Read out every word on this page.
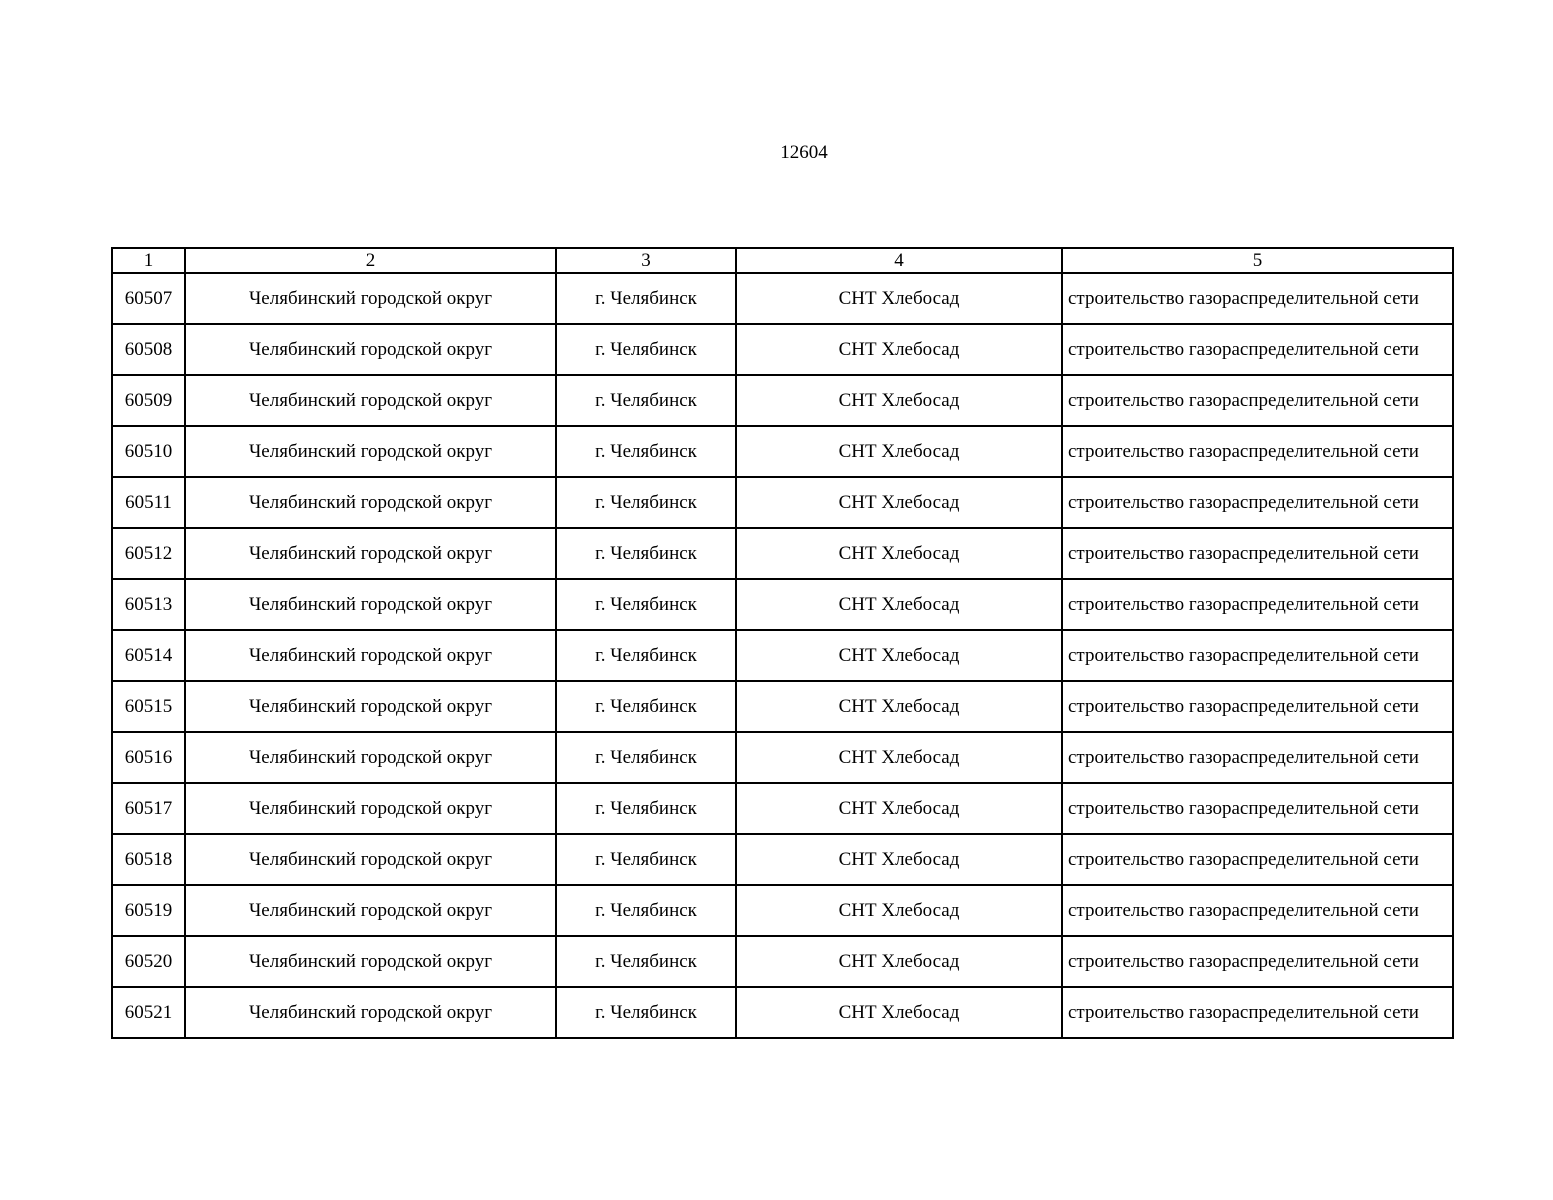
12604
1	2	3	4	5
60507	Челябинский городской округ	г. Челябинск	СНТ Хлебосад	строительство газораспределительной сети
60508	Челябинский городской округ	г. Челябинск	СНТ Хлебосад	строительство газораспределительной сети
60509	Челябинский городской округ	г. Челябинск	СНТ Хлебосад	строительство газораспределительной сети
60510	Челябинский городской округ	г. Челябинск	СНТ Хлебосад	строительство газораспределительной сети
60511	Челябинский городской округ	г. Челябинск	СНТ Хлебосад	строительство газораспределительной сети
60512	Челябинский городской округ	г. Челябинск	СНТ Хлебосад	строительство газораспределительной сети
60513	Челябинский городской округ	г. Челябинск	СНТ Хлебосад	строительство газораспределительной сети
60514	Челябинский городской округ	г. Челябинск	СНТ Хлебосад	строительство газораспределительной сети
60515	Челябинский городской округ	г. Челябинск	СНТ Хлебосад	строительство газораспределительной сети
60516	Челябинский городской округ	г. Челябинск	СНТ Хлебосад	строительство газораспределительной сети
60517	Челябинский городской округ	г. Челябинск	СНТ Хлебосад	строительство газораспределительной сети
60518	Челябинский городской округ	г. Челябинск	СНТ Хлебосад	строительство газораспределительной сети
60519	Челябинский городской округ	г. Челябинск	СНТ Хлебосад	строительство газораспределительной сети
60520	Челябинский городской округ	г. Челябинск	СНТ Хлебосад	строительство газораспределительной сети
60521	Челябинский городской округ	г. Челябинск	СНТ Хлебосад	строительство газораспределительной сети
